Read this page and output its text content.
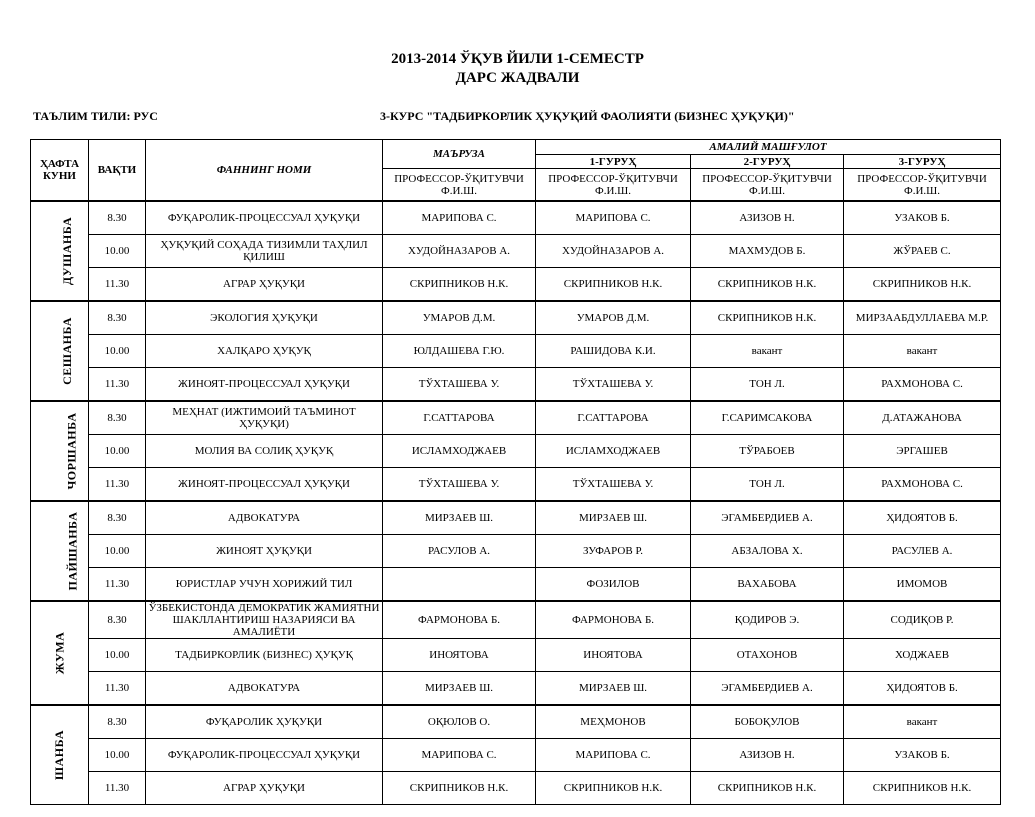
2013-2014 ЎҚУВ ЙИЛИ 1-СЕМЕСТР
ДАРС ЖАДВАЛИ
ТАЪЛИМ ТИЛИ: РУС	3-КУРС "ТАДБИРКОРЛИК ҲУҚУҚИЙ ФАОЛИЯТИ (БИЗНЕС ҲУҚУҚИ)"
ҲАФТА КУНИ	ВАҚТИ	ФАННИНГ НОМИ	МАЪРУЗА	АМАЛИЙ МАШҒУЛОТ		
				1-ГУРУҲ	2-ГУРУҲ	3-ГУРУҲ
			ПРОФЕССОР-ЎҚИТУВЧИ Ф.И.Ш.	ПРОФЕССОР-ЎҚИТУВЧИ Ф.И.Ш.	ПРОФЕССОР-ЎҚИТУВЧИ Ф.И.Ш.	ПРОФЕССОР-ЎҚИТУВЧИ Ф.И.Ш.
ДУШАНБА	8.30	ФУҚАРОЛИК-ПРОЦЕССУАЛ ҲУҚУҚИ	МАРИПОВА С.	МАРИПОВА С.	АЗИЗОВ Н.	УЗАКОВ Б.
	10.00	ҲУҚУҚИЙ СОҲАДА ТИЗИМЛИ ТАҲЛИЛ ҚИЛИШ	ХУДОЙНАЗАРОВ А.	ХУДОЙНАЗАРОВ А.	МАХМУДОВ Б.	ЖЎРАЕВ С.
	11.30	АГРАР ҲУҚУҚИ	СКРИПНИКОВ Н.К.	СКРИПНИКОВ Н.К.	СКРИПНИКОВ Н.К.	СКРИПНИКОВ Н.К.
СЕШАНБА	8.30	ЭКОЛОГИЯ ҲУҚУҚИ	УМАРОВ Д.М.	УМАРОВ Д.М.	СКРИПНИКОВ Н.К.	МИРЗААБДУЛЛАЕВА М.Р.
	10.00	ХАЛҚАРО ҲУҚУҚ	ЮЛДАШЕВА Г.Ю.	РАШИДОВА К.И.	вакант	вакант
	11.30	ЖИНОЯТ-ПРОЦЕССУАЛ ҲУҚУҚИ	ТЎХТАШЕВА У.	ТЎХТАШЕВА У.	ТОН Л.	РАХМОНОВА С.
ЧОРШАНБА	8.30	МЕҲНАТ (ИЖТИМОИЙ ТАЪМИНОТ ҲУҚУҚИ)	Г.САТТАРОВА	Г.САТТАРОВА	Г.САРИМСАКОВА	Д.АТАЖАНОВА
	10.00	МОЛИЯ ВА СОЛИҚ ҲУҚУҚ	ИСЛАМХОДЖАЕВ	ИСЛАМХОДЖАЕВ	ТЎРАБОЕВ	ЭРГАШЕВ
	11.30	ЖИНОЯТ-ПРОЦЕССУАЛ ҲУҚУҚИ	ТЎХТАШЕВА У.	ТЎХТАШЕВА У.	ТОН Л.	РАХМОНОВА С.
ПАЙШАНБА	8.30	АДВОКАТУРА	МИРЗАЕВ Ш.	МИРЗАЕВ Ш.	ЭГАМБЕРДИЕВ А.	ҲИДОЯТОВ Б.
	10.00	ЖИНОЯТ ҲУҚУҚИ	РАСУЛОВ А.	ЗУФАРОВ Р.	АБЗАЛОВА Х.	РАСУЛЕВ А.
	11.30	ЮРИСТЛАР УЧУН ХОРИЖИЙ ТИЛ		ФОЗИЛОВ	ВАХАБОВА	ИМОМОВ
ЖУМА	8.30	ЎЗБЕКИСТОНДА ДЕМОКРАТИК ЖАМИЯТНИ ШАКЛЛАНТИРИШ НАЗАРИЯСИ ВА АМАЛИЁТИ	ФАРМОНОВА Б.	ФАРМОНОВА Б.	ҚОДИРОВ Э.	СОДИҚОВ Р.
	10.00	ТАДБИРКОРЛИК (БИЗНЕС) ҲУҚУҚ	ИНОЯТОВА	ИНОЯТОВА	ОТАХОНОВ	ХОДЖАЕВ
	11.30	АДВОКАТУРА	МИРЗАЕВ Ш.	МИРЗАЕВ Ш.	ЭГАМБЕРДИЕВ А.	ҲИДОЯТОВ Б.
ШАНБА	8.30	ФУҚАРОЛИК ҲУҚУҚИ	ОҚЮЛОВ О.	МЕҲМОНОВ	БОБОҚУЛОВ	вакант
	10.00	ФУҚАРОЛИК-ПРОЦЕССУАЛ ҲУҚУҚИ	МАРИПОВА С.	МАРИПОВА С.	АЗИЗОВ Н.	УЗАКОВ Б.
	11.30	АГРАР ҲУҚУҚИ	СКРИПНИКОВ Н.К.	СКРИПНИКОВ Н.К.	СКРИПНИКОВ Н.К.	СКРИПНИКОВ Н.К.
